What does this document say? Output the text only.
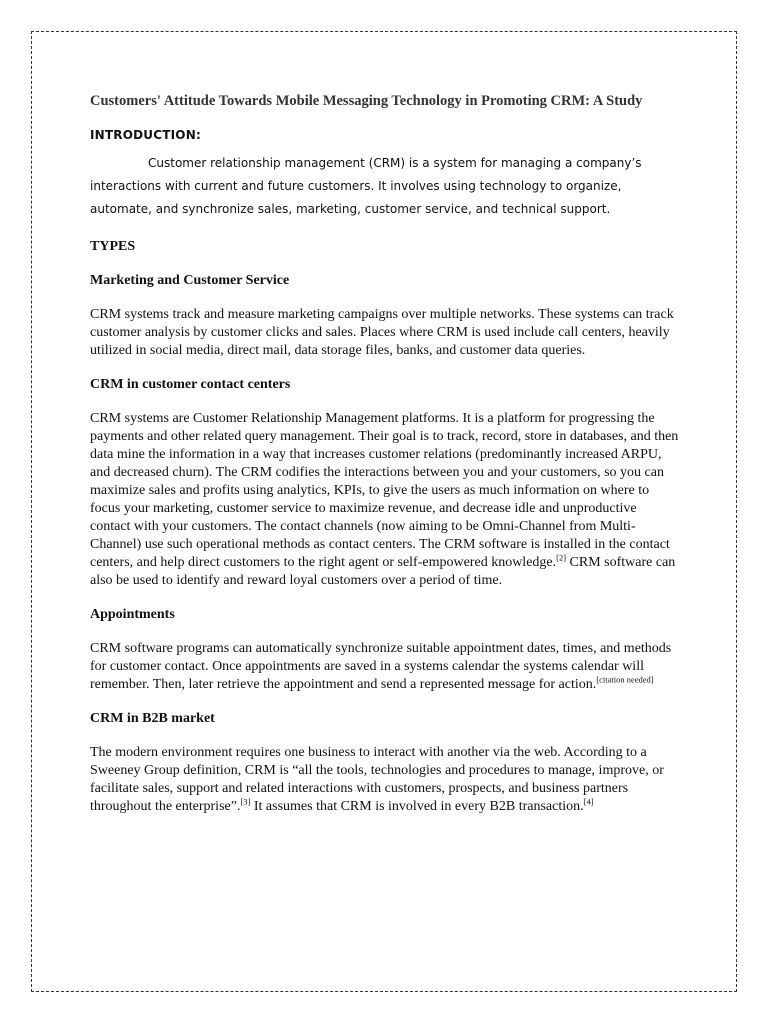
Customers' Attitude Towards Mobile Messaging Technology in Promoting CRM: A Study
INTRODUCTION:

Customer relationship management (CRM) is a system for managing a company’s interactions with current and future customers. It involves using technology to organize, automate, and synchronize sales, marketing, customer service, and technical support.

TYPES
Marketing and Customer Service

CRM systems track and measure marketing campaigns over multiple networks. These systems can track customer analysis by customer clicks and sales. Places where CRM is used include call centers, heavily utilized in social media, direct mail, data storage files, banks, and customer data queries.

CRM in customer contact centers

CRM systems are Customer Relationship Management platforms. It is a platform for progressing the payments and other related query management. Their goal is to track, record, store in databases, and then data mine the information in a way that increases customer relations (predominantly increased ARPU, and decreased churn). The CRM codifies the interactions between you and your customers, so you can maximize sales and profits using analytics, KPIs, to give the users as much information on where to focus your marketing, customer service to maximize revenue, and decrease idle and unproductive contact with your customers. The contact channels (now aiming to be Omni-Channel from Multi-Channel) use such operational methods as contact centers. The CRM software is installed in the contact centers, and help direct customers to the right agent or self-empowered knowledge.[2] CRM software can also be used to identify and reward loyal customers over a period of time.

Appointments

CRM software programs can automatically synchronize suitable appointment dates, times, and methods for customer contact. Once appointments are saved in a systems calendar the systems calendar will remember. Then, later retrieve the appointment and send a represented message for action.[citation needed]

CRM in B2B market

The modern environment requires one business to interact with another via the web. According to a Sweeney Group definition, CRM is “all the tools, technologies and procedures to manage, improve, or facilitate sales, support and related interactions with customers, prospects, and business partners throughout the enterprise”.[3] It assumes that CRM is involved in every B2B transaction.[4]
